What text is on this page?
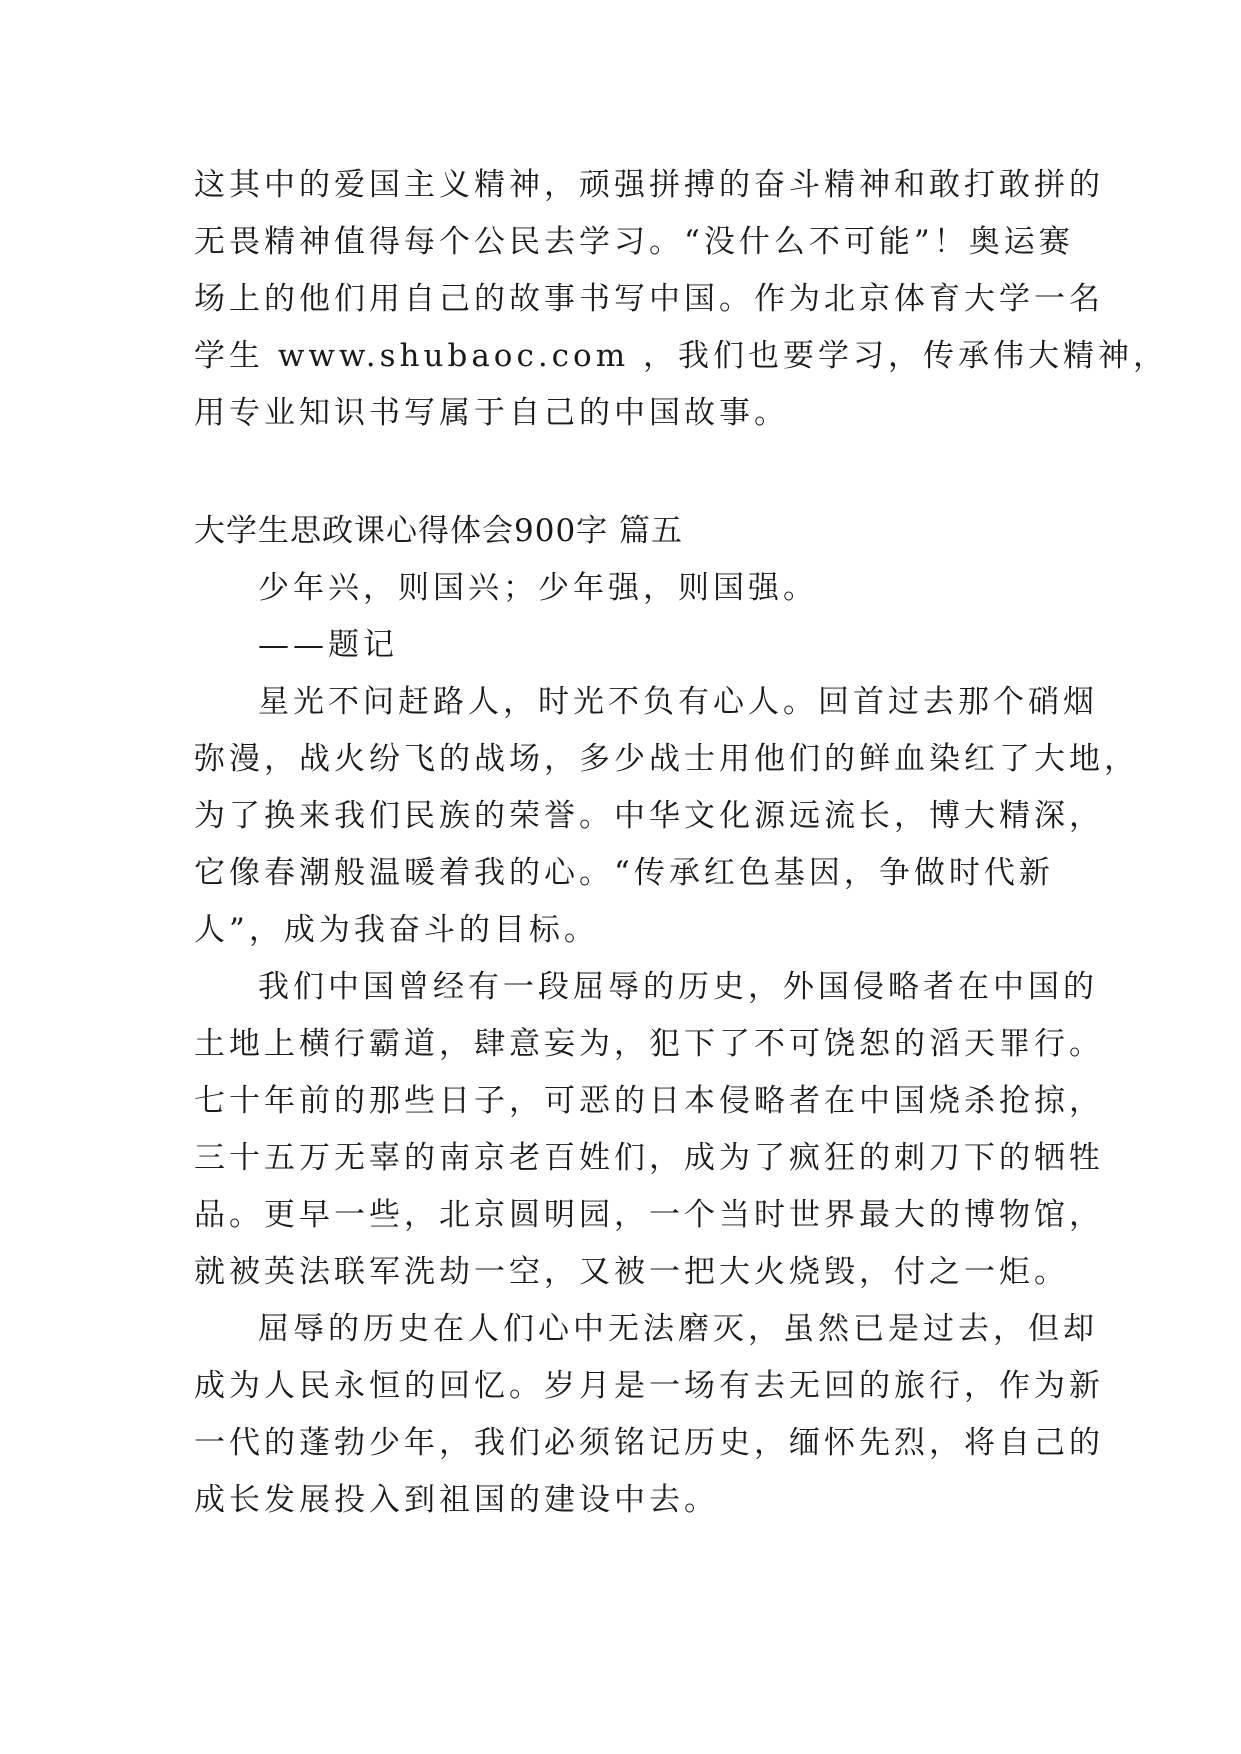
这其中的爱国主义精神，顽强拼搏的奋斗精神和敢打敢拼的
无畏精神值得每个公民去学习。“没什么不可能”！奥运赛
场上的他们用自己的故事书写中国。作为北京体育大学一名
学生 www.shubaoc.com ，我们也要学习，传承伟大精神，
用专业知识书写属于自己的中国故事。
大学生思政课心得体会900字 篇五
少年兴，则国兴；少年强，则国强。
——题记
星光不问赶路人，时光不负有心人。回首过去那个硝烟
弥漫，战火纷飞的战场，多少战士用他们的鲜血染红了大地，
为了换来我们民族的荣誉。中华文化源远流长，博大精深，
它像春潮般温暖着我的心。“传承红色基因，争做时代新
人”，成为我奋斗的目标。
我们中国曾经有一段屈辱的历史，外国侵略者在中国的
土地上横行霸道，肆意妄为，犯下了不可饶恕的滔天罪行。
七十年前的那些日子，可恶的日本侵略者在中国烧杀抢掠，
三十五万无辜的南京老百姓们，成为了疯狂的刺刀下的牺牲
品。更早一些，北京圆明园，一个当时世界最大的博物馆，
就被英法联军洗劫一空，又被一把大火烧毁，付之一炬。
屈辱的历史在人们心中无法磨灭，虽然已是过去，但却
成为人民永恒的回忆。岁月是一场有去无回的旅行，作为新
一代的蓬勃少年，我们必须铭记历史，缅怀先烈，将自己的
成长发展投入到祖国的建设中去。
